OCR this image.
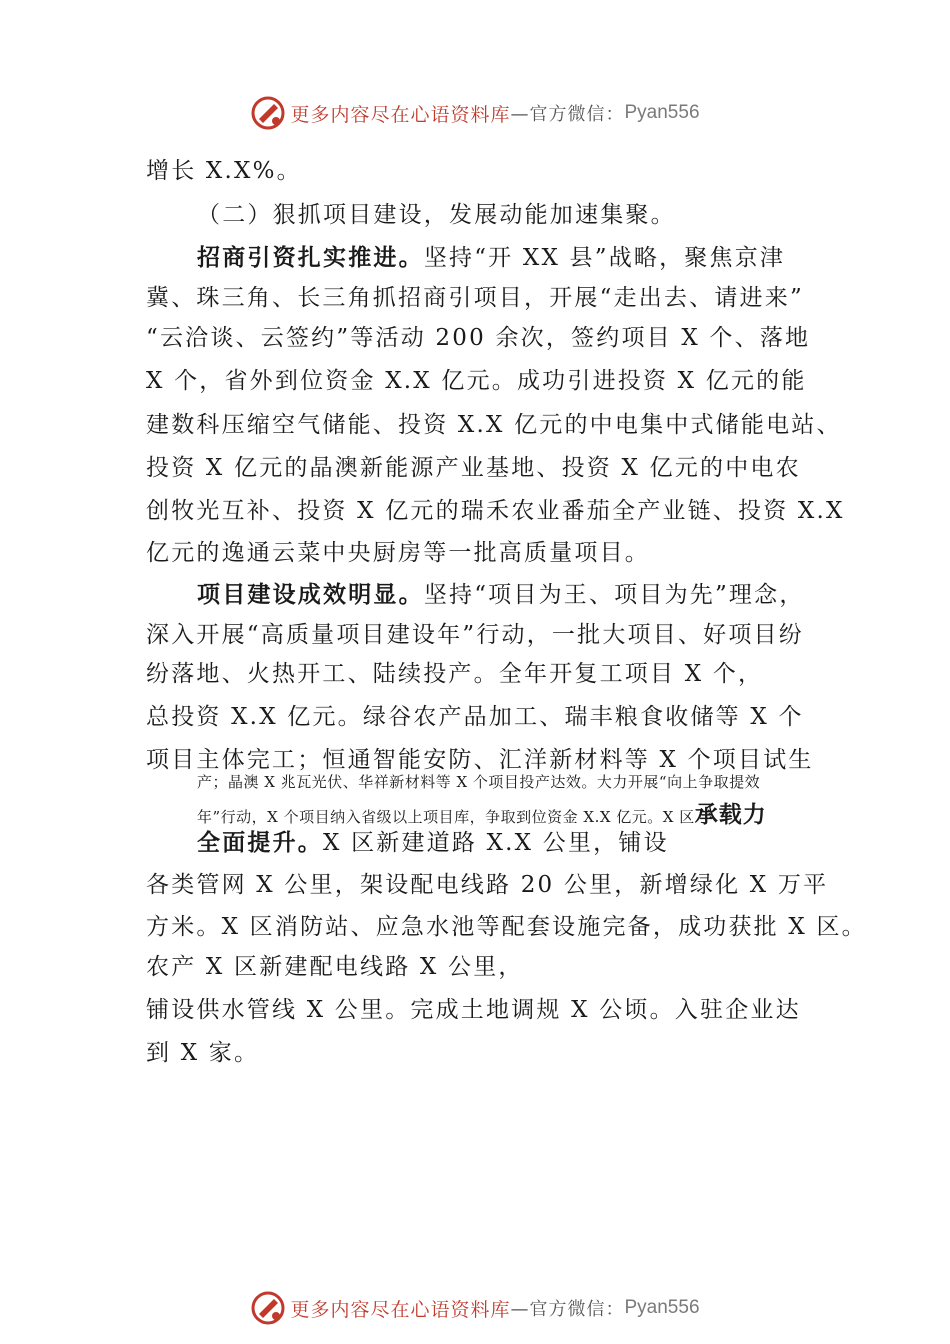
更多内容尽在心语资料库 —官方微信： Pyan556
增长 X.X%。
（二）狠抓项目建设，发展动能加速集聚。
招商引资扎实推进。坚持“开 XX 县”战略，聚焦京津
冀、珠三角、长三角抓招商引项目，开展“走出去、请进来”
“云洽谈、云签约”等活动 200 余次，签约项目 X 个、落地
X 个，省外到位资金 X.X 亿元。成功引进投资 X 亿元的能
建数科压缩空气储能、投资 X.X 亿元的中电集中式储能电站、
投资 X 亿元的晶澳新能源产业基地、投资 X 亿元的中电农
创牧光互补、投资 X 亿元的瑞禾农业番茄全产业链、投资 X.X
亿元的逸通云菜中央厨房等一批高质量项目。
项目建设成效明显。坚持“项目为王、项目为先”理念，
深入开展“高质量项目建设年”行动，一批大项目、好项目纷
纷落地、火热开工、陆续投产。全年开复工项目 X 个，
总投资 X.X 亿元。绿谷农产品加工、瑞丰粮食收储等 X 个
项目主体完工；恒通智能安防、汇洋新材料等 X 个项目试生
产；晶澳 X 兆瓦光伏、华祥新材料等 X 个项目投产达效。大力开展“向上争取提效
年”行动，X 个项目纳入省级以上项目库，争取到位资金 X.X 亿元。X 区承载力
全面提升。X 区新建道路 X.X 公里，铺设
各类管网 X 公里，架设配电线路 20 公里，新增绿化 X 万平
方米。X 区消防站、应急水池等配套设施完备，成功获批 X 区。
农产 X 区新建配电线路 X 公里，
铺设供水管线 X 公里。完成土地调规 X 公顷。入驻企业达
到 X 家。
更多内容尽在心语资料库 —官方微信： Pyan556
